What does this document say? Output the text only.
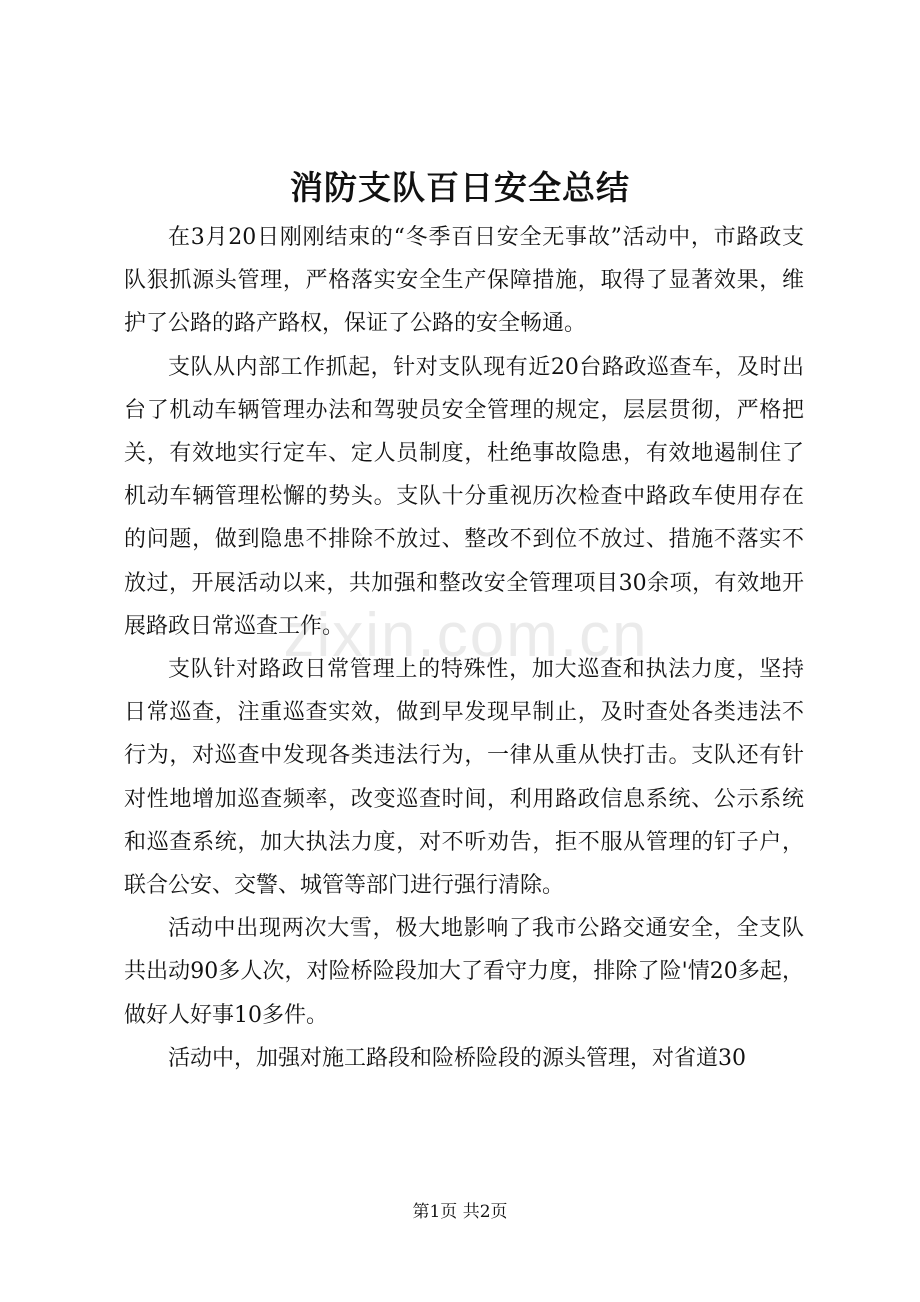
消防支队百日安全总结

在3月20日刚刚结束的“冬季百日安全无事故”活动中，市路政支队狠抓源头管理，严格落实安全生产保障措施，取得了显著效果，维护了公路的路产路权，保证了公路的安全畅通。

支队从内部工作抓起，针对支队现有近20台路政巡查车，及时出台了机动车辆管理办法和驾驶员安全管理的规定，层层贯彻，严格把关，有效地实行定车、定人员制度，杜绝事故隐患，有效地遏制住了机动车辆管理松懈的势头。支队十分重视历次检查中路政车使用存在的问题，做到隐患不排除不放过、整改不到位不放过、措施不落实不放过，开展活动以来，共加强和整改安全管理项目30余项，有效地开展路政日常巡查工作。

支队针对路政日常管理上的特殊性，加大巡查和执法力度，坚持日常巡查，注重巡查实效，做到早发现早制止，及时查处各类违法不行为，对巡查中发现各类违法行为，一律从重从快打击。支队还有针对性地增加巡查频率，改变巡查时间，利用路政信息系统、公示系统和巡查系统，加大执法力度，对不听劝告，拒不服从管理的钉子户，联合公安、交警、城管等部门进行强行清除。

活动中出现两次大雪，极大地影响了我市公路交通安全，全支队共出动90多人次，对险桥险段加大了看守力度，排除了险'情20多起，做好人好事10多件。

活动中，加强对施工路段和险桥险段的源头管理，对省道30

zixin.com.cn
第1页 共2页
